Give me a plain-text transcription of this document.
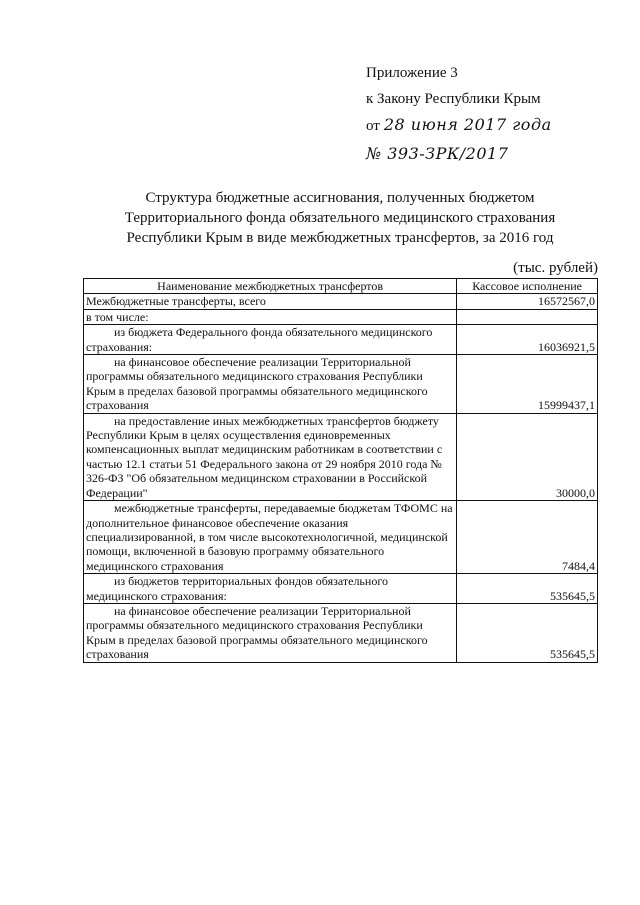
Приложение 3
к Закону Республики Крым
от 28 июня 2017 года
№ 393-ЗРК/2017
Структура бюджетные ассигнования, полученных бюджетом
Территориального фонда обязательного медицинского страхования
Республики Крым в виде межбюджетных трансфертов, за 2016 год
(тыс. рублей)
Наименование межбюджетных трансфертов	Кассовое исполнение
Межбюджетные трансферты, всего	16572567,0
в том числе:	

из бюджета Федерального фонда обязательного медицинского страхования:	16036921,5

на финансовое обеспечение реализации Территориальной программы обязательного медицинского страхования Республики Крым в пределах базовой программы обязательного медицинского страхования	15999437,1

на предоставление иных межбюджетных трансфертов бюджету Республики Крым в целях осуществления единовременных компенсационных выплат медицинским работникам в соответствии с частью 12.1 статьи 51 Федерального закона от 29 ноября 2010 года № 326-ФЗ "Об обязательном медицинском страховании в Российской Федерации"	30000,0

межбюджетные трансферты, передаваемые бюджетам ТФОМС на дополнительное финансовое обеспечение оказания специализированной, в том числе высокотехнологичной, медицинской помощи, включенной в базовую программу обязательного медицинского страхования	7484,4

из бюджетов территориальных фондов обязательного медицинского страхования:	535645,5

на финансовое обеспечение реализации Территориальной программы обязательного медицинского страхования Республики Крым в пределах базовой программы обязательного медицинского страхования	535645,5
